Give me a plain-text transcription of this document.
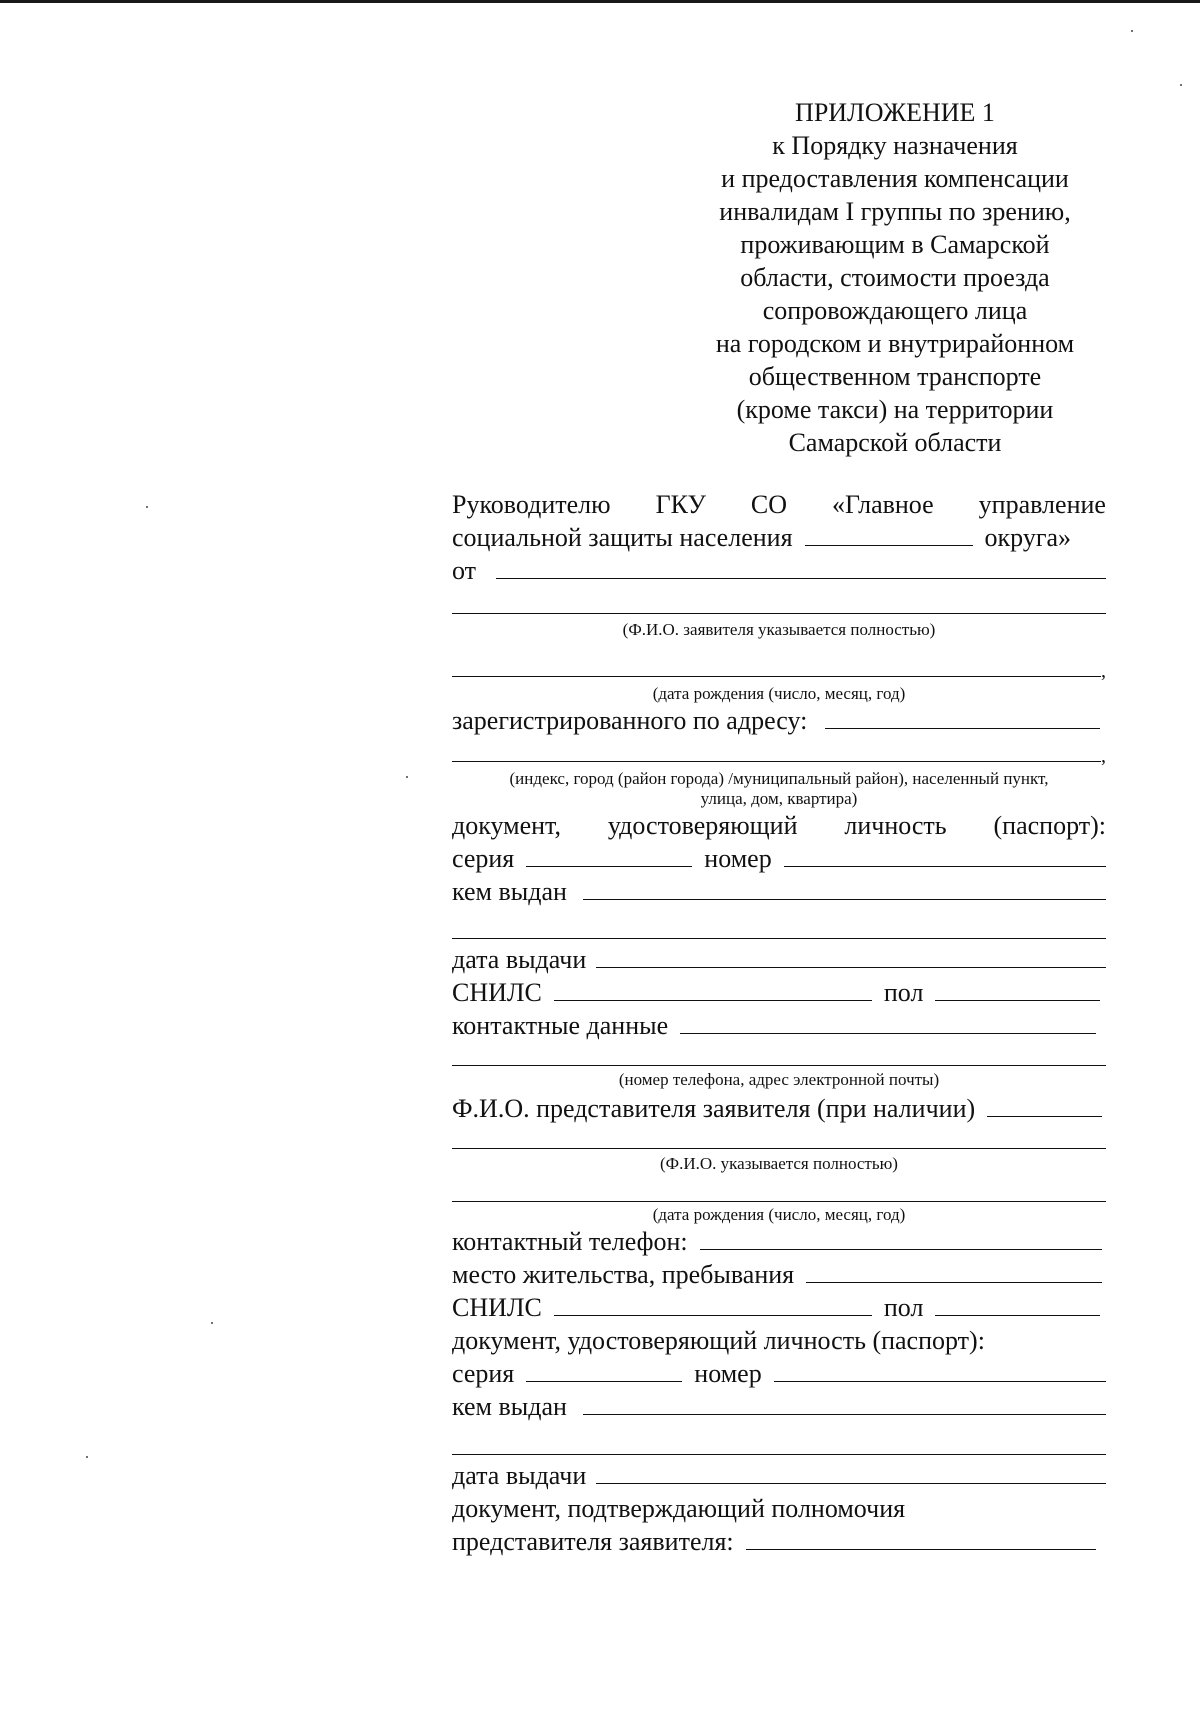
ПРИЛОЖЕНИЕ 1
к Порядку назначения
и предоставления компенсации
инвалидам I группы по зрению,
проживающим в Самарской
области, стоимости проезда
сопровождающего лица
на городском и внутрирайонном
общественном транспорте
(кроме такси) на территории
Самарской области
Руководителю ГКУ СО «Главное управление
социальной защиты населения	округа»
от
(Ф.И.О. заявителя указывается полностью)
,
(дата рождения (число, месяц, год)
зарегистрированного по адресу:
,
(индекс, город (район города) /муниципальный район), населенный пункт,
улица, дом, квартира)
документ, удостоверяющий личность (паспорт):
серия	номер
кем выдан
дата выдачи
СНИЛС	пол
контактные данные
(номер телефона, адрес электронной почты)
Ф.И.О. представителя заявителя (при наличии)
(Ф.И.О. указывается полностью)
(дата рождения (число, месяц, год)
контактный телефон:
место жительства, пребывания
СНИЛС	пол
документ, удостоверяющий личность (паспорт):
серия	номер
кем выдан
дата выдачи
документ, подтверждающий полномочия
представителя заявителя:
